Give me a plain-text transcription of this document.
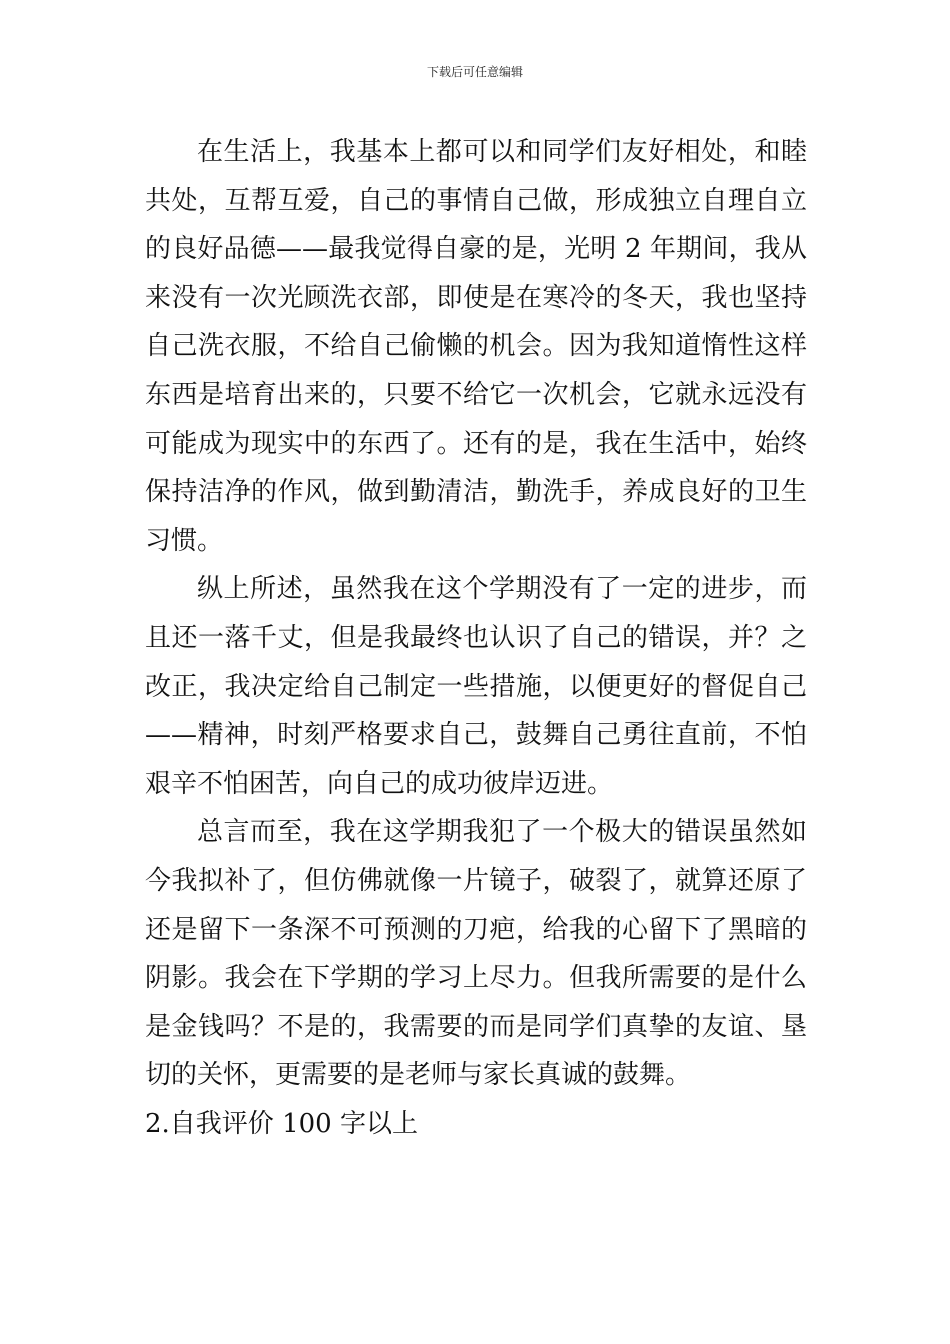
下载后可任意编辑

在生活上，我基本上都可以和同学们友好相处，和睦共处，互帮互爱，自己的事情自己做，形成独立自理自立的良好品德——最我觉得自豪的是，光明 2 年期间，我从来没有一次光顾洗衣部，即使是在寒冷的冬天，我也坚持自己洗衣服，不给自己偷懒的机会。因为我知道惰性这样东西是培育出来的，只要不给它一次机会，它就永远没有可能成为现实中的东西了。还有的是，我在生活中，始终保持洁净的作风，做到勤清洁，勤洗手，养成良好的卫生习惯。

纵上所述，虽然我在这个学期没有了一定的进步，而且还一落千丈，但是我最终也认识了自己的错误，并？之改正，我决定给自己制定一些措施，以便更好的督促自己——精神，时刻严格要求自己，鼓舞自己勇往直前，不怕艰辛不怕困苦，向自己的成功彼岸迈进。

总言而至，我在这学期我犯了一个极大的错误虽然如今我拟补了，但仿佛就像一片镜子，破裂了，就算还原了还是留下一条深不可预测的刀疤，给我的心留下了黑暗的阴影。我会在下学期的学习上尽力。但我所需要的是什么是金钱吗？不是的，我需要的而是同学们真挚的友谊、垦切的关怀，更需要的是老师与家长真诚的鼓舞。

2.自我评价 100 字以上
